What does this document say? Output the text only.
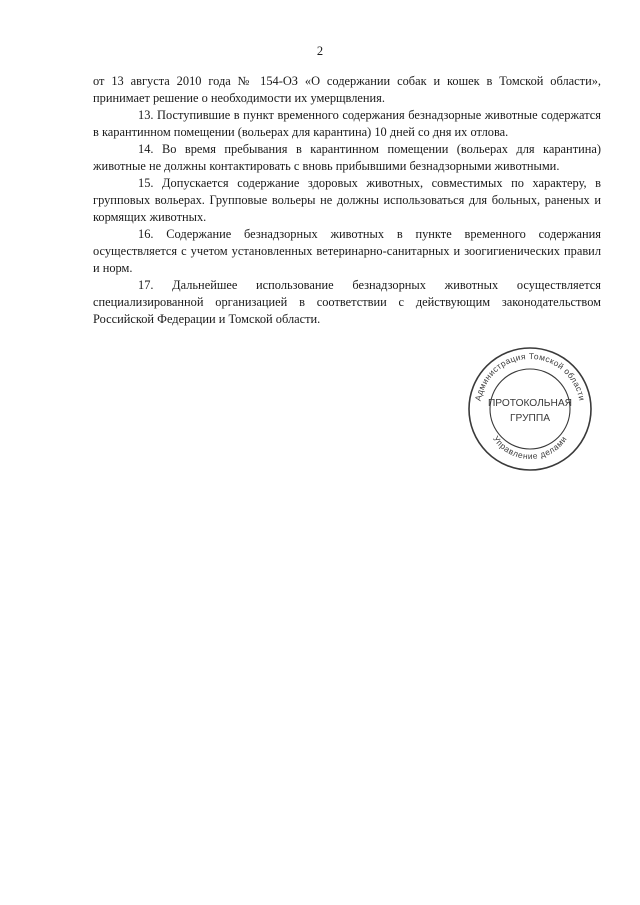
2

от 13 августа 2010 года № 154-ОЗ «О содержании собак и кошек в Томской области», принимает решение о необходимости их умерщвления.

13. Поступившие в пункт временного содержания безнадзорные животные содержатся в карантинном помещении (вольерах для карантина) 10 дней со дня их отлова.

14. Во время пребывания в карантинном помещении (вольерах для карантина) животные не должны контактировать с вновь прибывшими безнадзорными животными.

15. Допускается содержание здоровых животных, совместимых по характеру, в групповых вольерах. Групповые вольеры не должны использоваться для больных, раненых и кормящих животных.

16. Содержание безнадзорных животных в пункте временного содержания осуществляется с учетом установленных ветеринарно-санитарных и зоогигиенических правил и норм.

17. Дальнейшее использование безнадзорных животных осуществляется специализированной организацией в соответствии с действующим законодательством Российской Федерации и Томской области.

Администрация Томской области
Управление делами
ПРОТОКОЛЬНАЯ
ГРУППА
